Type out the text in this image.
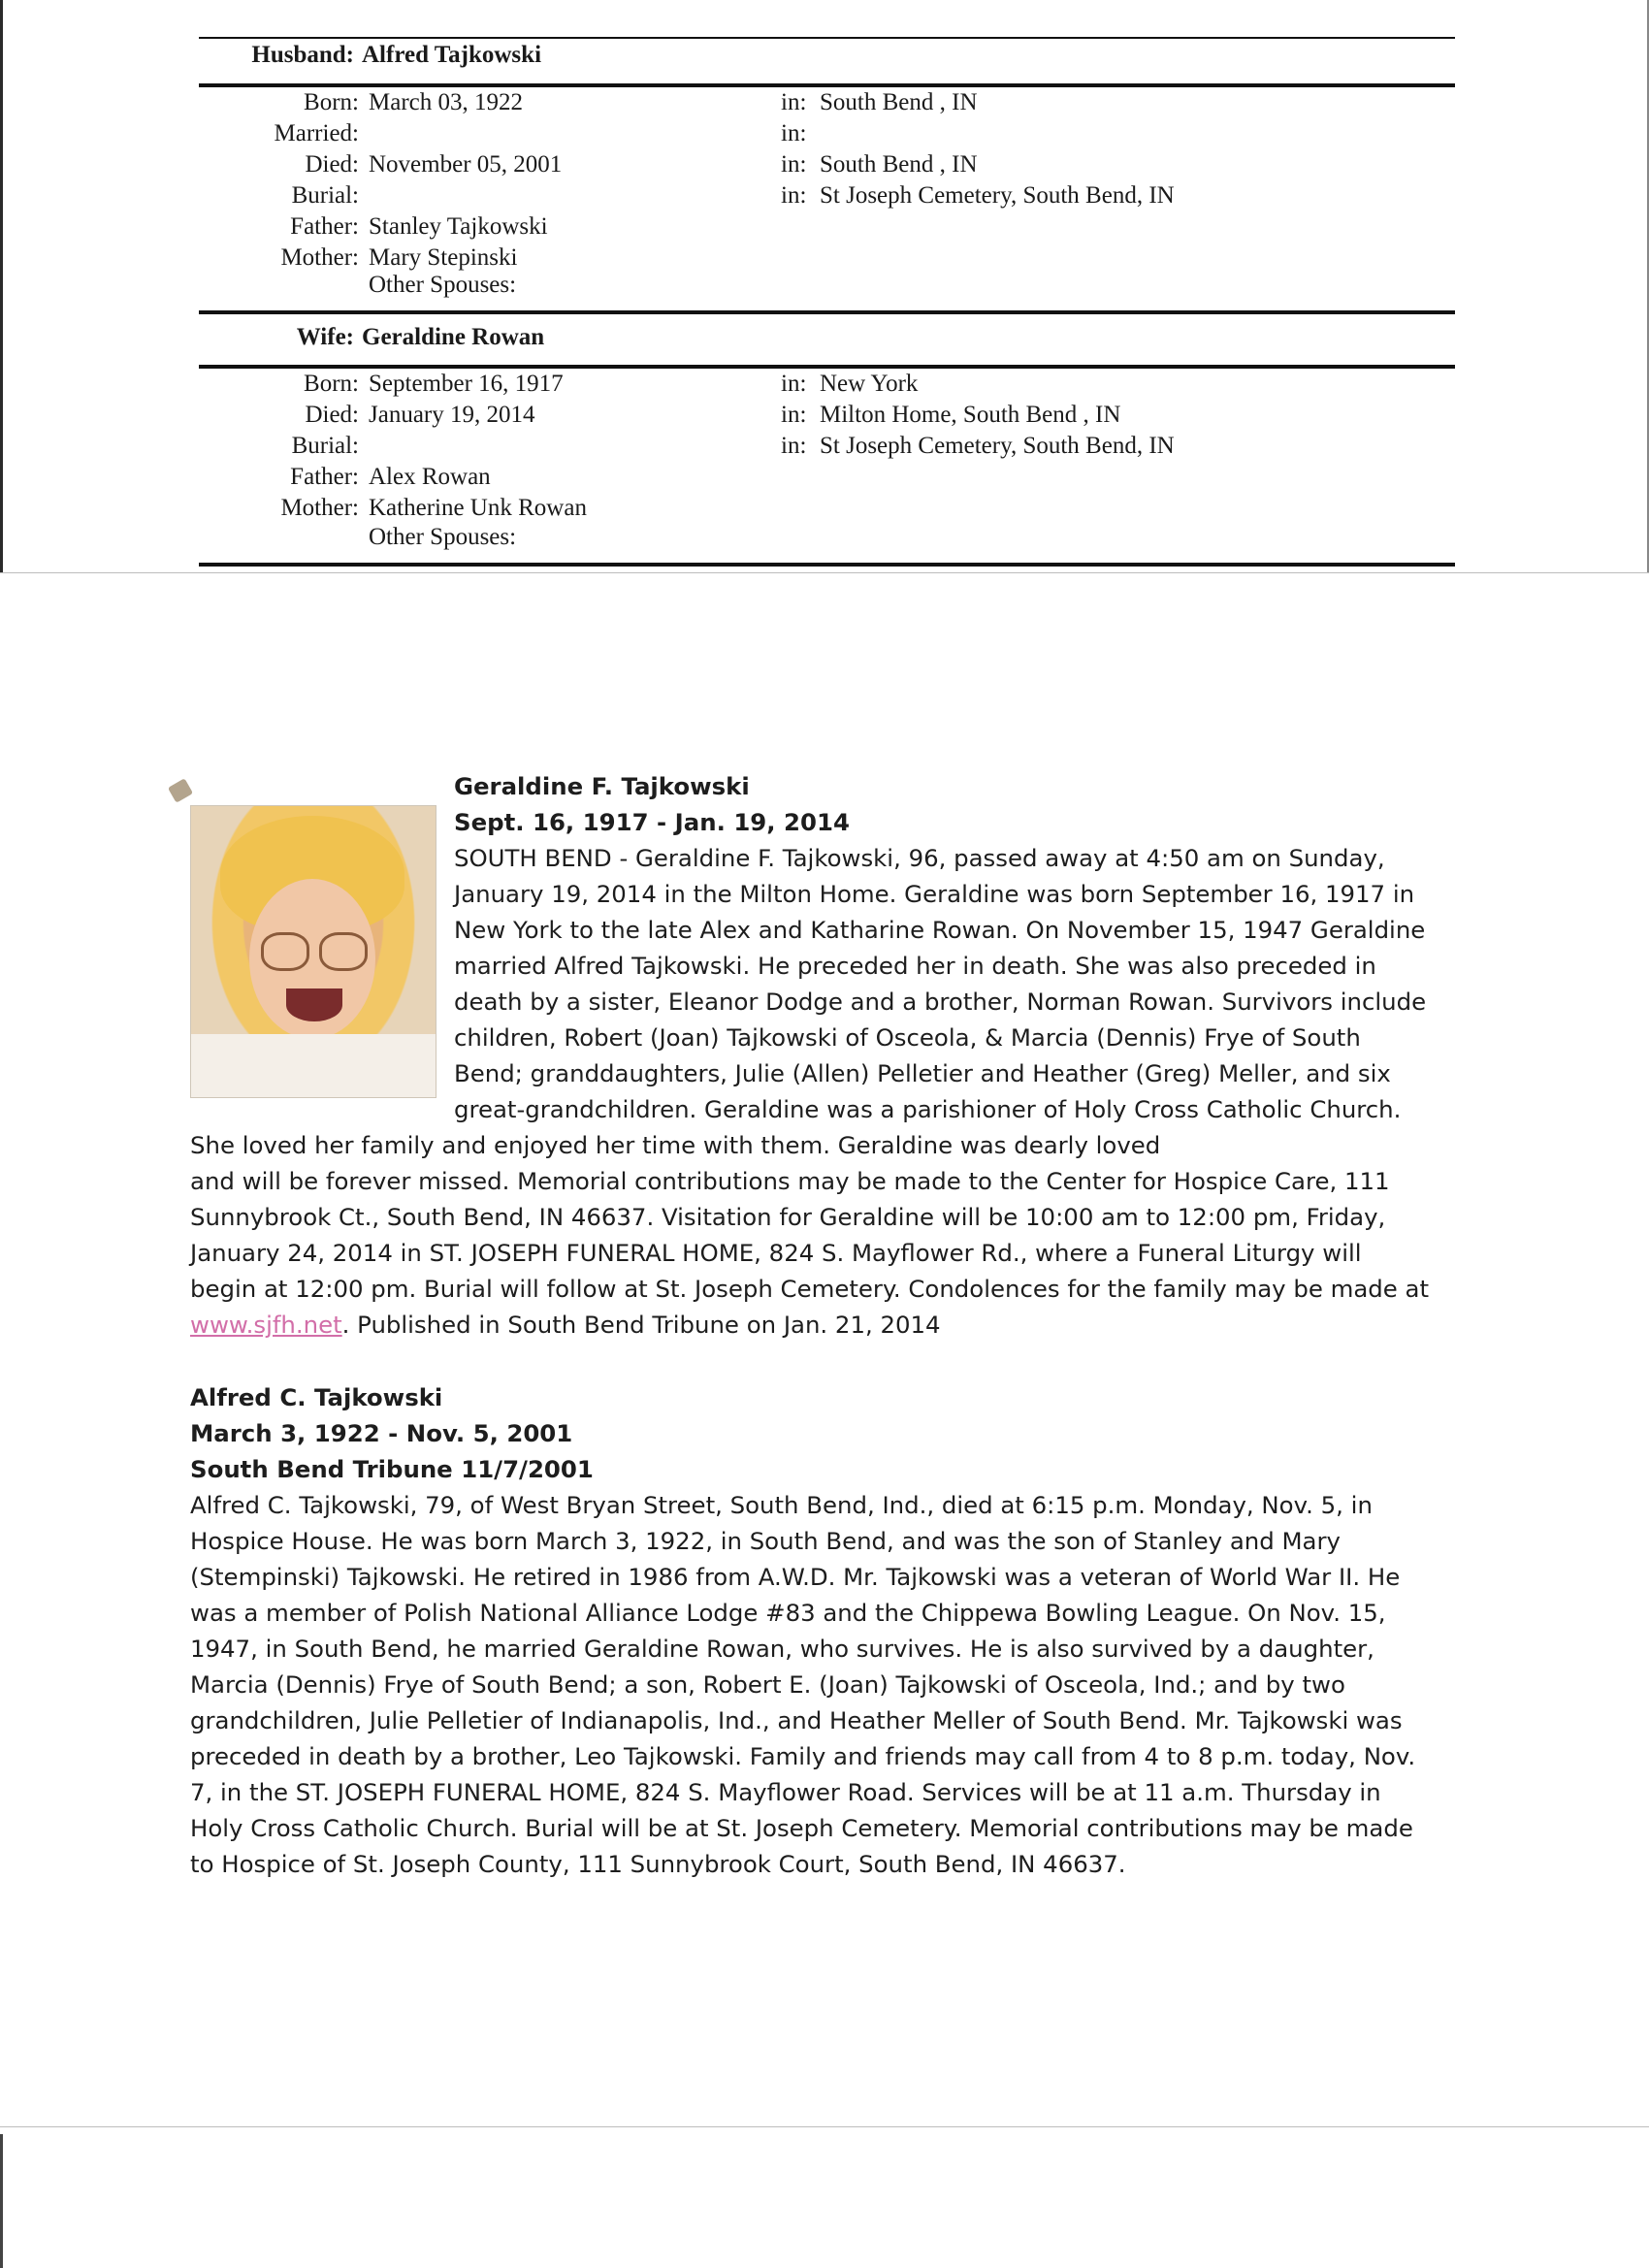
Husband: Alfred Tajkowski
Born: March 03, 1922	in: South Bend , IN
Married:	in:
Died: November 05, 2001	in: South Bend , IN
Burial:	in: St Joseph Cemetery, South Bend, IN
Father: Stanley Tajkowski
Mother: Mary Stepinski
Other Spouses:
Wife: Geraldine Rowan
Born: September 16, 1917	in: New York
Died: January 19, 2014	in: Milton Home, South Bend , IN
Burial:	in: St Joseph Cemetery, South Bend, IN
Father: Alex Rowan
Mother: Katherine Unk Rowan
Other Spouses:
Geraldine F. Tajkowski
Sept. 16, 1917 - Jan. 19, 2014
SOUTH BEND - Geraldine F. Tajkowski, 96, passed away at 4:50 am on Sunday,
January 19, 2014 in the Milton Home. Geraldine was born September 16, 1917 in
New York to the late Alex and Katharine Rowan. On November 15, 1947 Geraldine
married Alfred Tajkowski. He preceded her in death. She was also preceded in
death by a sister, Eleanor Dodge and a brother, Norman Rowan. Survivors include
children, Robert (Joan) Tajkowski of Osceola, & Marcia (Dennis) Frye of South
Bend; granddaughters, Julie (Allen) Pelletier and Heather (Greg) Meller, and six
great-grandchildren. Geraldine was a parishioner of Holy Cross Catholic Church.
She loved her family and enjoyed her time with them. Geraldine was dearly loved
and will be forever missed. Memorial contributions may be made to the Center for Hospice Care, 111
Sunnybrook Ct., South Bend, IN 46637. Visitation for Geraldine will be 10:00 am to 12:00 pm, Friday,
January 24, 2014 in ST. JOSEPH FUNERAL HOME, 824 S. Mayflower Rd., where a Funeral Liturgy will
begin at 12:00 pm. Burial will follow at St. Joseph Cemetery. Condolences for the family may be made at
www.sjfh.net. Published in South Bend Tribune on Jan. 21, 2014
Alfred C. Tajkowski
March 3, 1922 - Nov. 5, 2001
South Bend Tribune 11/7/2001
Alfred C. Tajkowski, 79, of West Bryan Street, South Bend, Ind., died at 6:15 p.m. Monday, Nov. 5, in
Hospice House. He was born March 3, 1922, in South Bend, and was the son of Stanley and Mary
(Stempinski) Tajkowski. He retired in 1986 from A.W.D. Mr. Tajkowski was a veteran of World War II. He
was a member of Polish National Alliance Lodge #83 and the Chippewa Bowling League. On Nov. 15,
1947, in South Bend, he married Geraldine Rowan, who survives. He is also survived by a daughter,
Marcia (Dennis) Frye of South Bend; a son, Robert E. (Joan) Tajkowski of Osceola, Ind.; and by two
grandchildren, Julie Pelletier of Indianapolis, Ind., and Heather Meller of South Bend. Mr. Tajkowski was
preceded in death by a brother, Leo Tajkowski. Family and friends may call from 4 to 8 p.m. today, Nov.
7, in the ST. JOSEPH FUNERAL HOME, 824 S. Mayflower Road. Services will be at 11 a.m. Thursday in
Holy Cross Catholic Church. Burial will be at St. Joseph Cemetery. Memorial contributions may be made
to Hospice of St. Joseph County, 111 Sunnybrook Court, South Bend, IN 46637.
